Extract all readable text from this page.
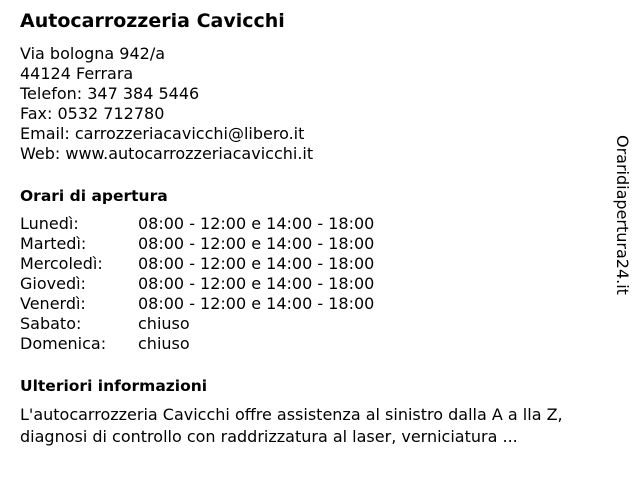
Autocarrozzeria Cavicchi
Via bologna 942/a
44124 Ferrara
Telefon: 347 384 5446
Fax: 0532 712780
Email: carrozzeriacavicchi@libero.it
Web: www.autocarrozzeriacavicchi.it
Orari di apertura
Lunedì:	08:00 - 12:00 e 14:00 - 18:00
Martedì:	08:00 - 12:00 e 14:00 - 18:00
Mercoledì:	08:00 - 12:00 e 14:00 - 18:00
Giovedì:	08:00 - 12:00 e 14:00 - 18:00
Venerdì:	08:00 - 12:00 e 14:00 - 18:00
Sabato:	chiuso
Domenica:	chiuso
Ulteriori informazioni
L'autocarrozzeria Cavicchi offre assistenza al sinistro dalla A a lla Z, diagnosi di controllo con raddrizzatura al laser, verniciatura ...
Oraridiapertura24.it
